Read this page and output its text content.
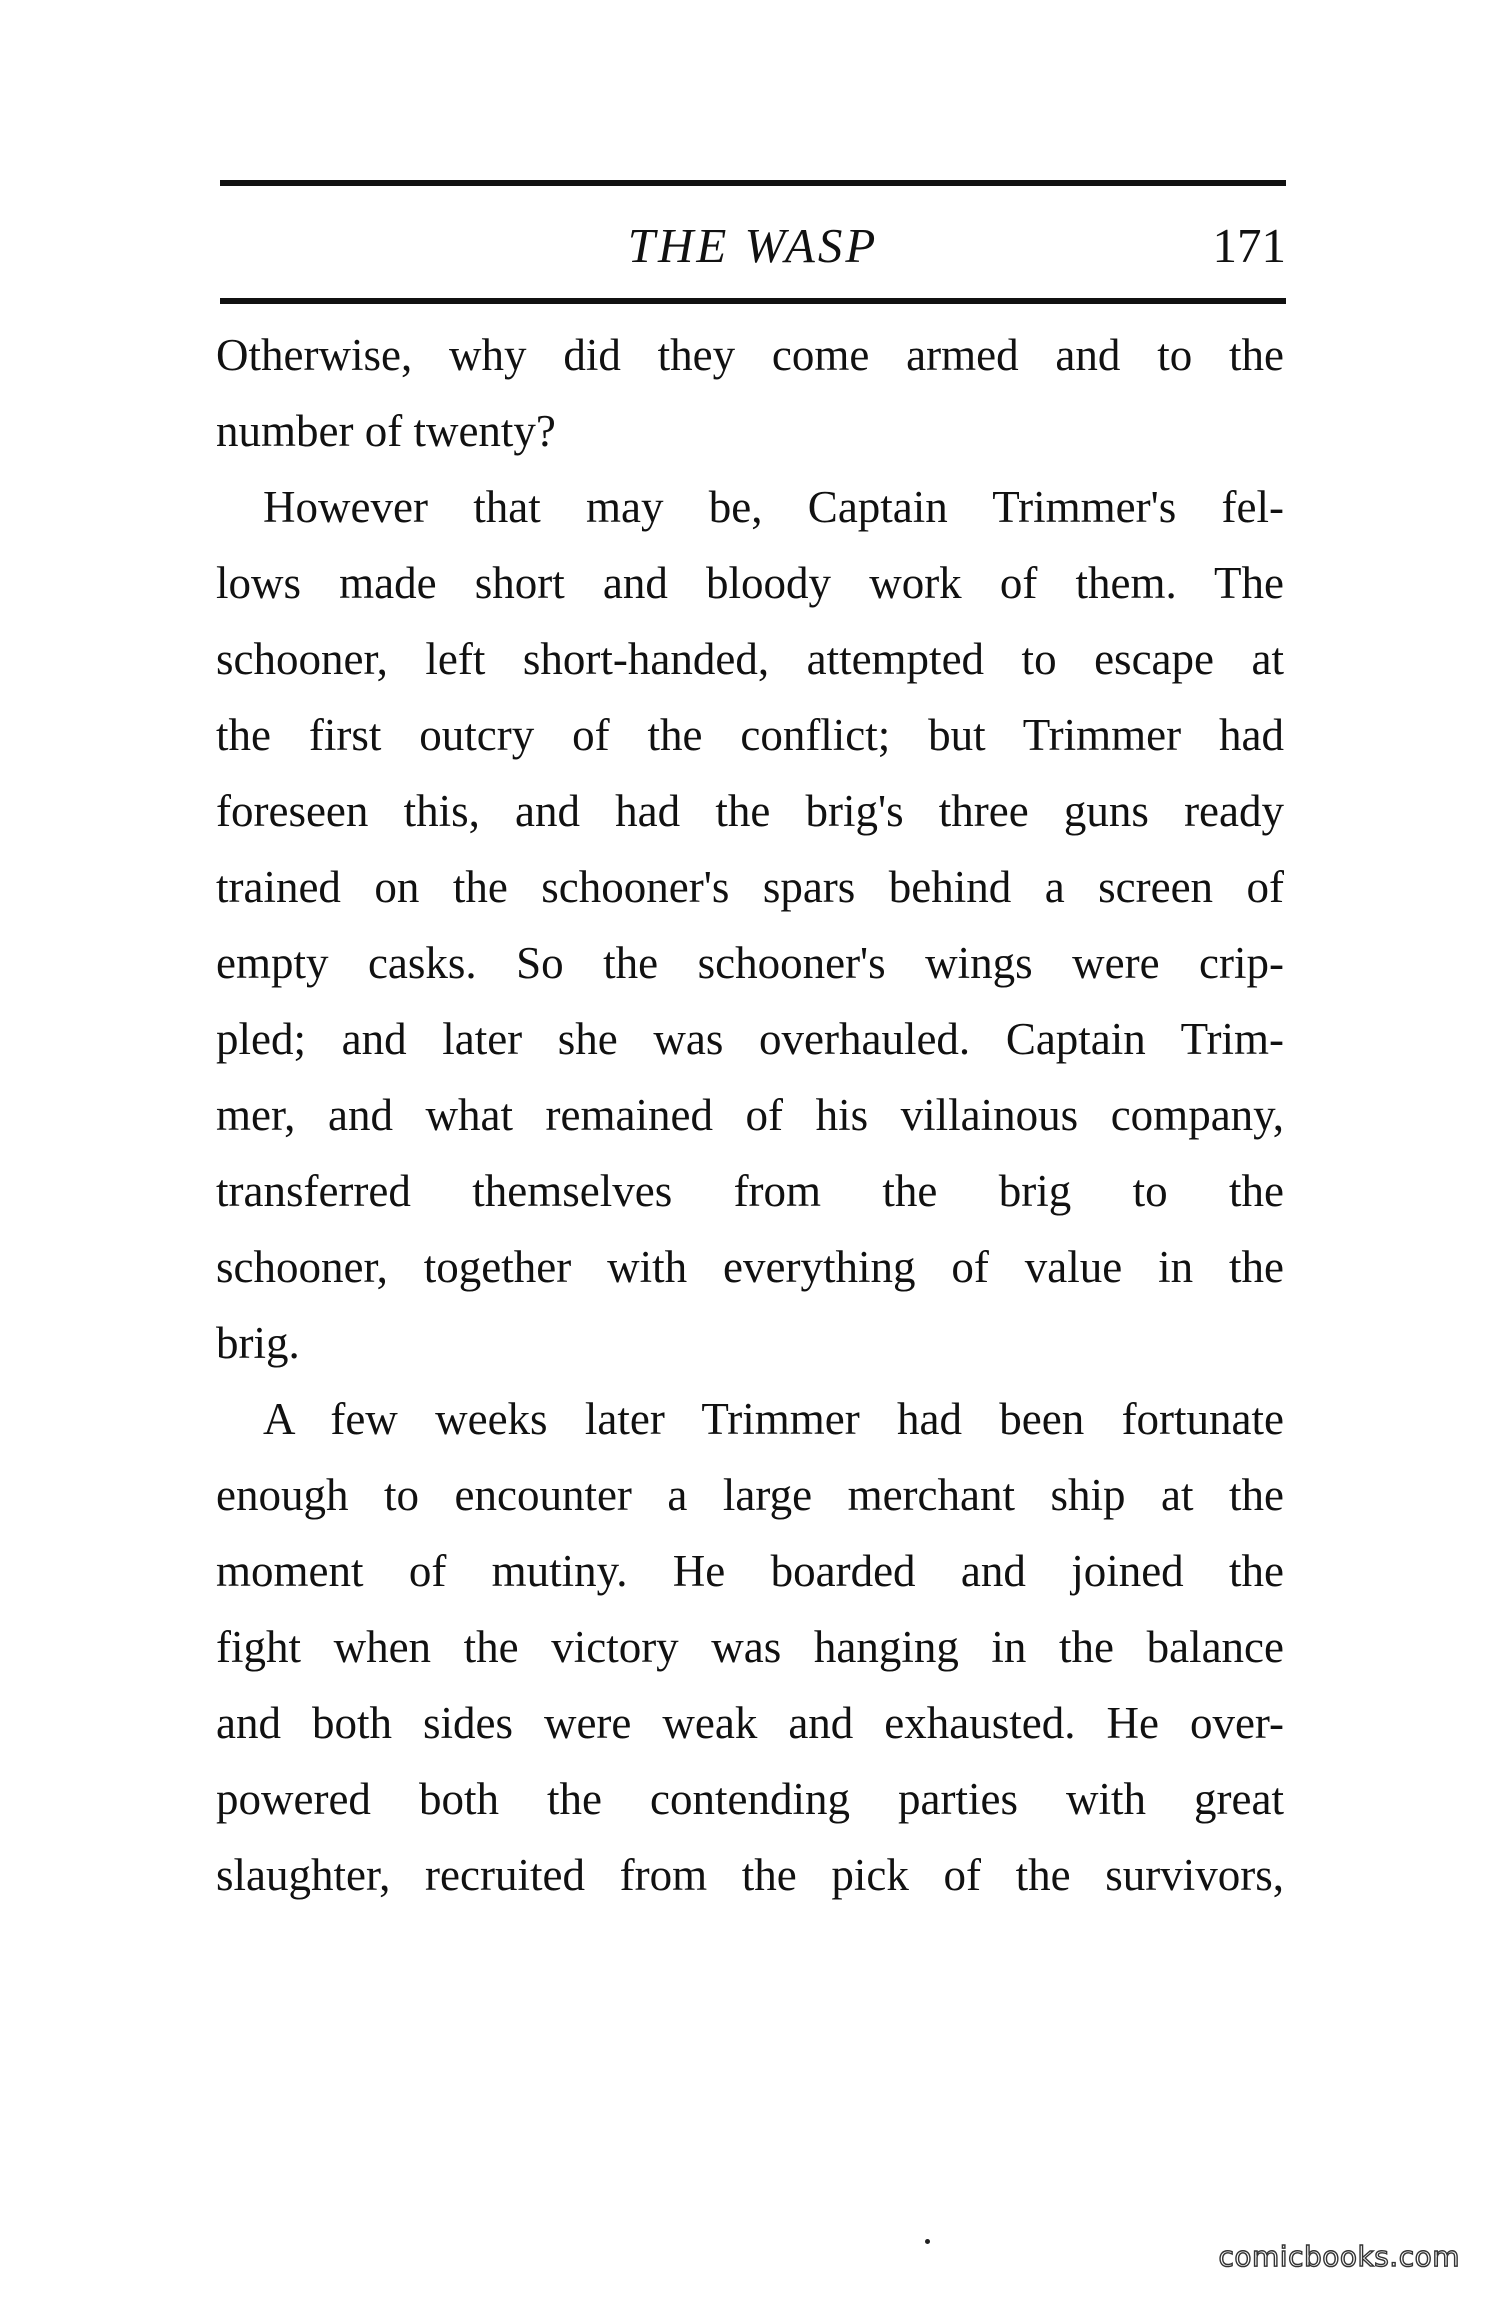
THE WASP	171
Otherwise, why did they come armed and to the
number of twenty?
However that may be, Captain Trimmer's fel-
lows made short and bloody work of them. The
schooner, left short-handed, attempted to escape at
the first outcry of the conflict; but Trimmer had
foreseen this, and had the brig's three guns ready
trained on the schooner's spars behind a screen of
empty casks. So the schooner's wings were crip-
pled; and later she was overhauled. Captain Trim-
mer, and what remained of his villainous company,
transferred themselves from the brig to the
schooner, together with everything of value in the
brig.
A few weeks later Trimmer had been fortunate
enough to encounter a large merchant ship at the
moment of mutiny. He boarded and joined the
fight when the victory was hanging in the balance
and both sides were weak and exhausted. He over-
powered both the contending parties with great
slaughter, recruited from the pick of the survivors,
comicbooks.com
